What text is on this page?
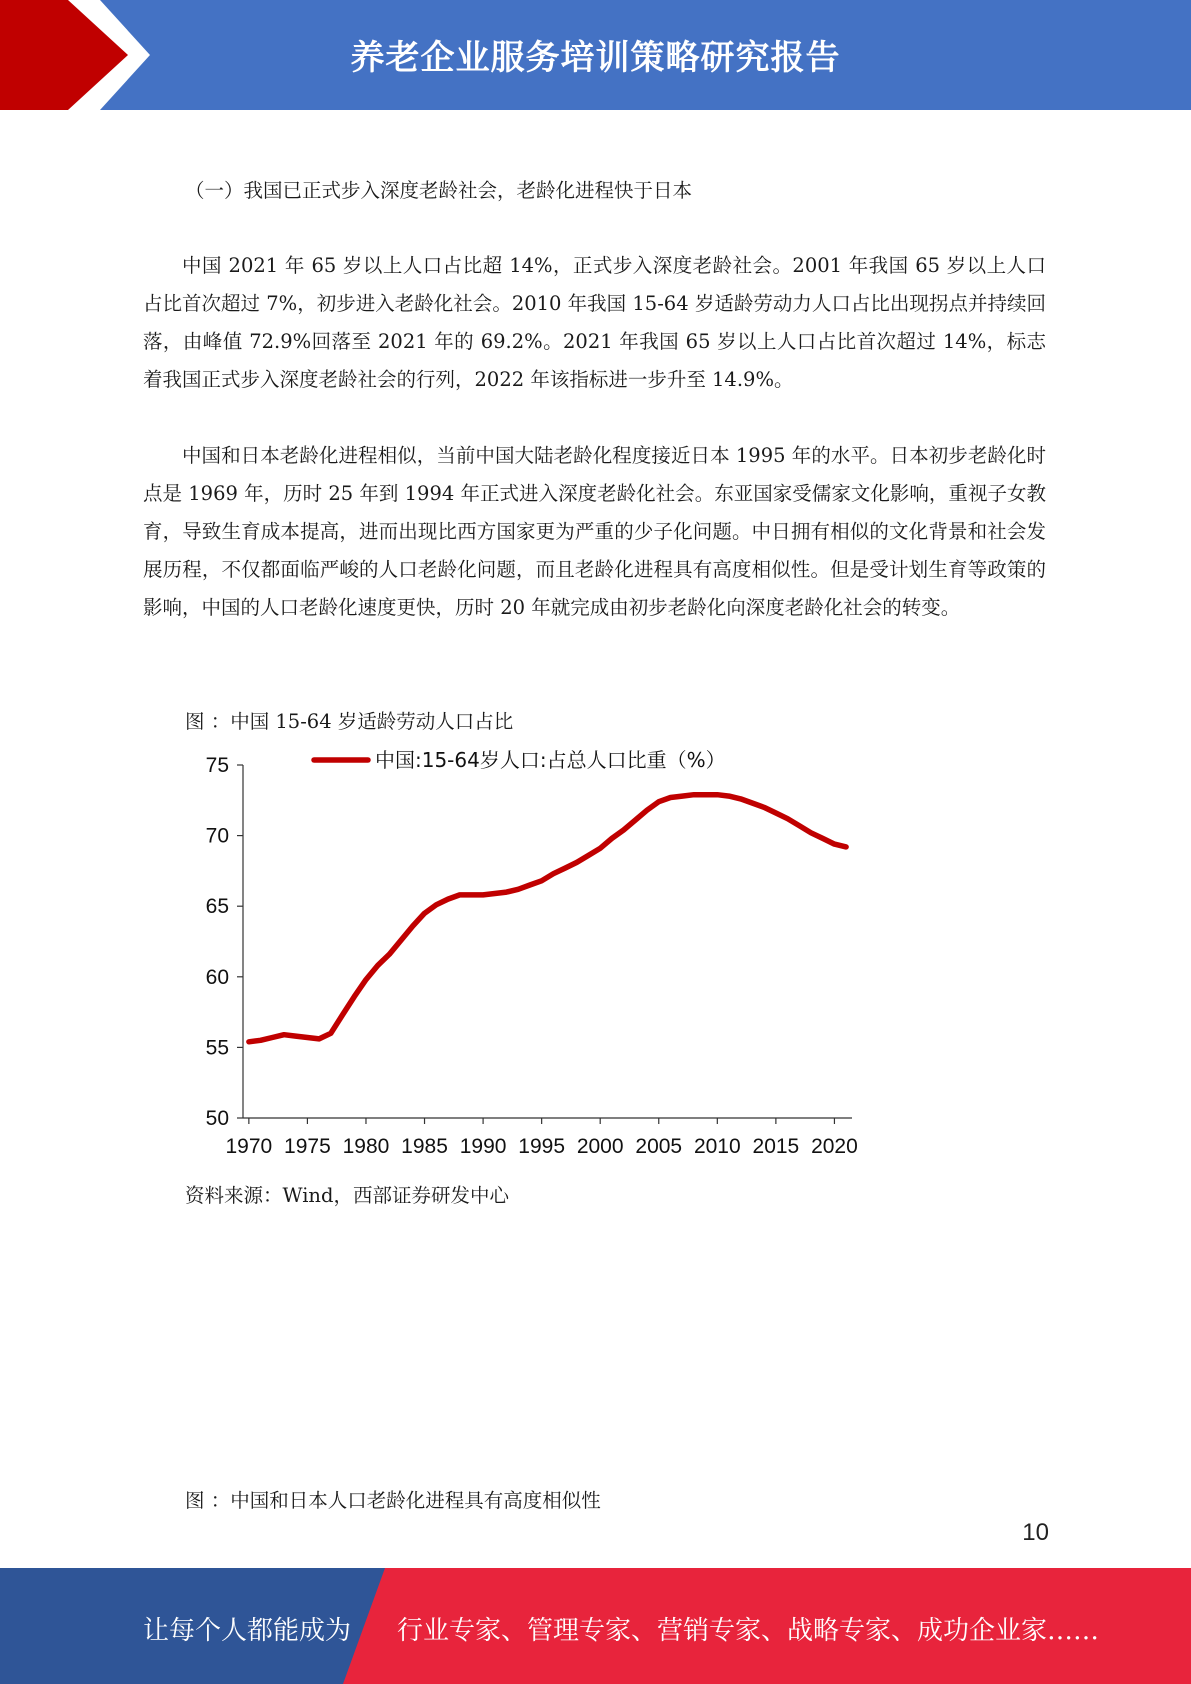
养老企业服务培训策略研究报告

（一）我国已正式步入深度老龄社会，老龄化进程快于日本

中国 2021 年 65 岁以上人口占比超 14%，正式步入深度老龄社会。2001 年我国 65 岁以上人口占比首次超过 7%，初步进入老龄化社会。2010 年我国 15-64 岁适龄劳动力人口占比出现拐点并持续回落，由峰值 72.9%回落至 2021 年的 69.2%。2021 年我国 65 岁以上人口占比首次超过 14%，标志着我国正式步入深度老龄社会的行列，2022 年该指标进一步升至 14.9%。

中国和日本老龄化进程相似，当前中国大陆老龄化程度接近日本 1995 年的水平。日本初步老龄化时点是 1969 年，历时 25 年到 1994 年正式进入深度老龄化社会。东亚国家受儒家文化影响，重视子女教育，导致生育成本提高，进而出现比西方国家更为严重的少子化问题。中日拥有相似的文化背景和社会发展历程，不仅都面临严峻的人口老龄化问题，而且老龄化进程具有高度相似性。但是受计划生育等政策的影响，中国的人口老龄化速度更快，历时 20 年就完成由初步老龄化向深度老龄化社会的转变。

图 ：中国 15-64 岁适龄劳动人口占比

50
55
60
65
70
75
1970 1975 1980 1985 1990 1995 2000 2005 2010 2015 2020
中国:15-64岁人口:占总人口比重（%）

资料来源：Wind，西部证券研发中心

图 ：中国和日本人口老龄化进程具有高度相似性

10
让每个人都能成为 行业专家、管理专家、营销专家、战略专家、成功企业家……
